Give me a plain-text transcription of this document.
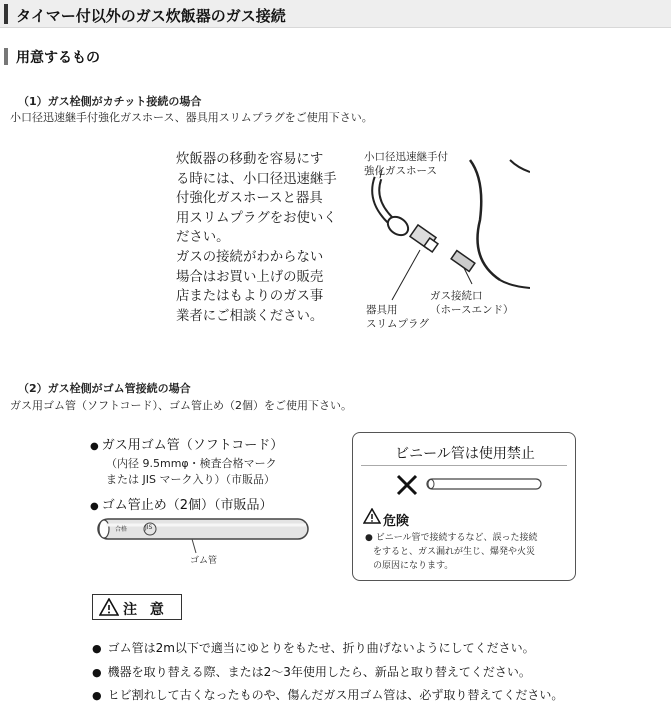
タイマー付以外のガス炊飯器のガス接続
用意するもの
（1）ガス栓側がカチット接続の場合
小口径迅速継手付強化ガスホース、器具用スリムプラグをご使用下さい。
炊飯器の移動を容易にす
る時には、小口径迅速継手
付強化ガスホースと器具
用スリムプラグをお使いく
ださい。
ガスの接続がわからない
場合はお買い上げの販売
店またはもよりのガス事
業者にご相談ください。
小口径迅速継手付
強化ガスホース
器具用
スリムプラグ
ガス接続口
（ホースエンド）
（2）ガス栓側がゴム管接続の場合
ガス用ゴム管（ソフトコード）、ゴム管止め（2個）をご使用下さい。
● ガス用ゴム管（ソフトコード）
（内径 9.5mmφ・検査合格マーク
または JIS マーク入り）（市販品）
● ゴム管止め（2個）（市販品）
合格	JIS
ゴム管
ビニール管は使用禁止
危険
● ビニール管で接続するなど、誤った接続
をすると、ガス漏れが生じ、爆発や火災
の原因になります。
注 意
● ゴム管は2m以下で適当にゆとりをもたせ、折り曲げないようにしてください。
● 機器を取り替える際、または2〜3年使用したら、新品と取り替えてください。
● ヒビ割れして古くなったものや、傷んだガス用ゴム管は、必ず取り替えてください。
